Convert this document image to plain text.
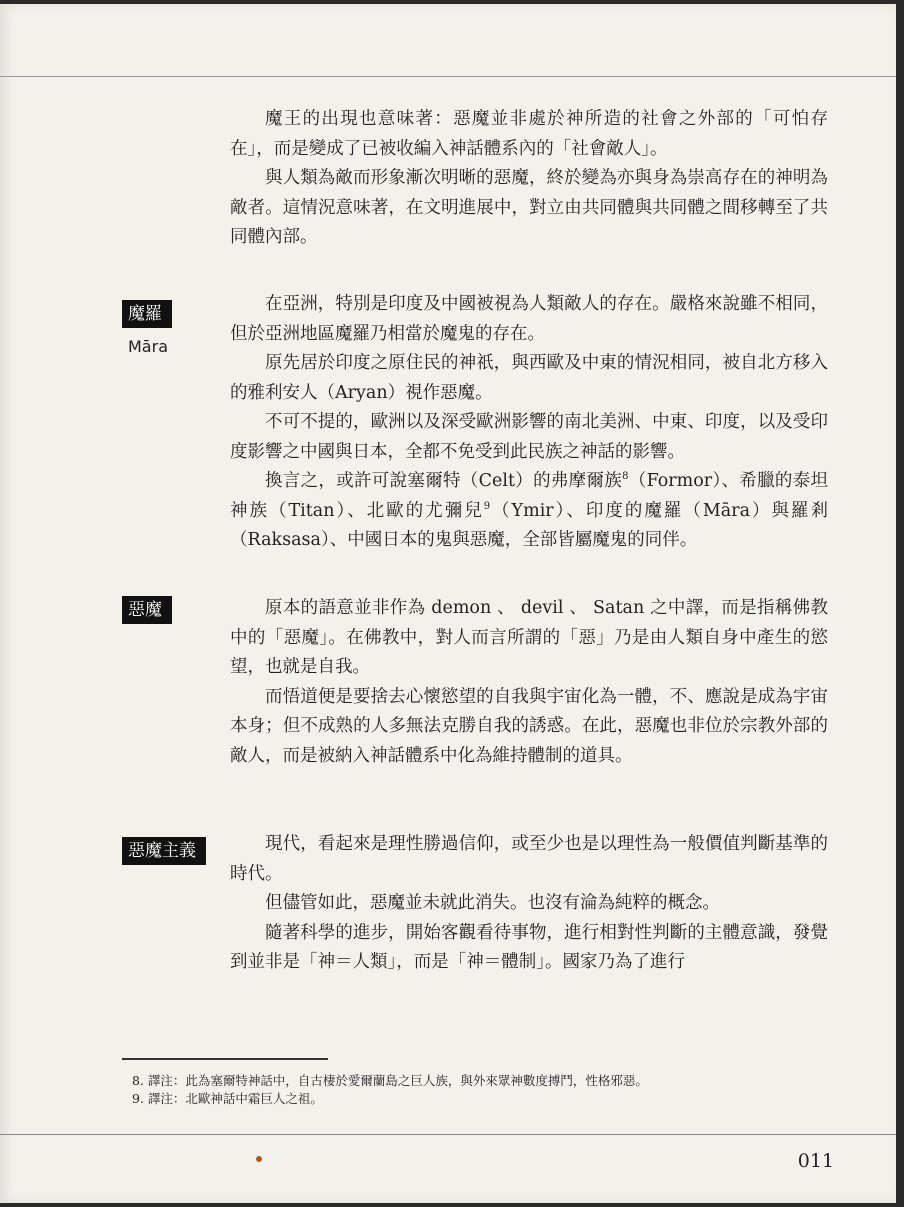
魔王的出現也意味著：惡魔並非處於神所造的社會之外部的「可怕存在」，而是變成了已被收編入神話體系內的「社會敵人」。

與人類為敵而形象漸次明晰的惡魔，終於變為亦與身為崇高存在的神明為敵者。這情況意味著，在文明進展中，對立由共同體與共同體之間移轉至了共同體內部。

魔羅
Māra

在亞洲，特別是印度及中國被視為人類敵人的存在。嚴格來說雖不相同，但於亞洲地區魔羅乃相當於魔鬼的存在。

原先居於印度之原住民的神祇，與西歐及中東的情況相同，被自北方移入的雅利安人（Aryan）視作惡魔。

不可不提的，歐洲以及深受歐洲影響的南北美洲、中東、印度，以及受印度影響之中國與日本，全都不免受到此民族之神話的影響。

換言之，或許可說塞爾特（Celt）的弗摩爾族$^8$（Formor）、希臘的泰坦神族（Titan）、北歐的尤彌兒$^9$（Ymir）、印度的魔羅（Māra）與羅剎（Raksasa）、中國日本的鬼與惡魔，全部皆屬魔鬼的同伴。

惡魔	原本的語意並非作為 demon 、 devil 、 Satan 之中譯，而是指稱佛教中的「惡魔」。在佛教中，對人而言所謂的「惡」乃是由人類自身中產生的慾望，也就是自我。

而悟道便是要捨去心懷慾望的自我與宇宙化為一體，不、應說是成為宇宙本身；但不成熟的人多無法克勝自我的誘惑。在此，惡魔也非位於宗教外部的敵人，而是被納入神話體系中化為維持體制的道具。

惡魔主義	現代，看起來是理性勝過信仰，或至少也是以理性為一般價值判斷基準的時代。

但儘管如此，惡魔並未就此消失。也沒有淪為純粹的概念。

隨著科學的進步，開始客觀看待事物，進行相對性判斷的主體意識，發覺到並非是「神＝人類」，而是「神＝體制」。國家乃為了進行

8. 譯注：此為塞爾特神話中，自古棲於愛爾蘭島之巨人族，與外來眾神數度搏鬥，性格邪惡。
9. 譯注：北歐神話中霜巨人之祖。
011
